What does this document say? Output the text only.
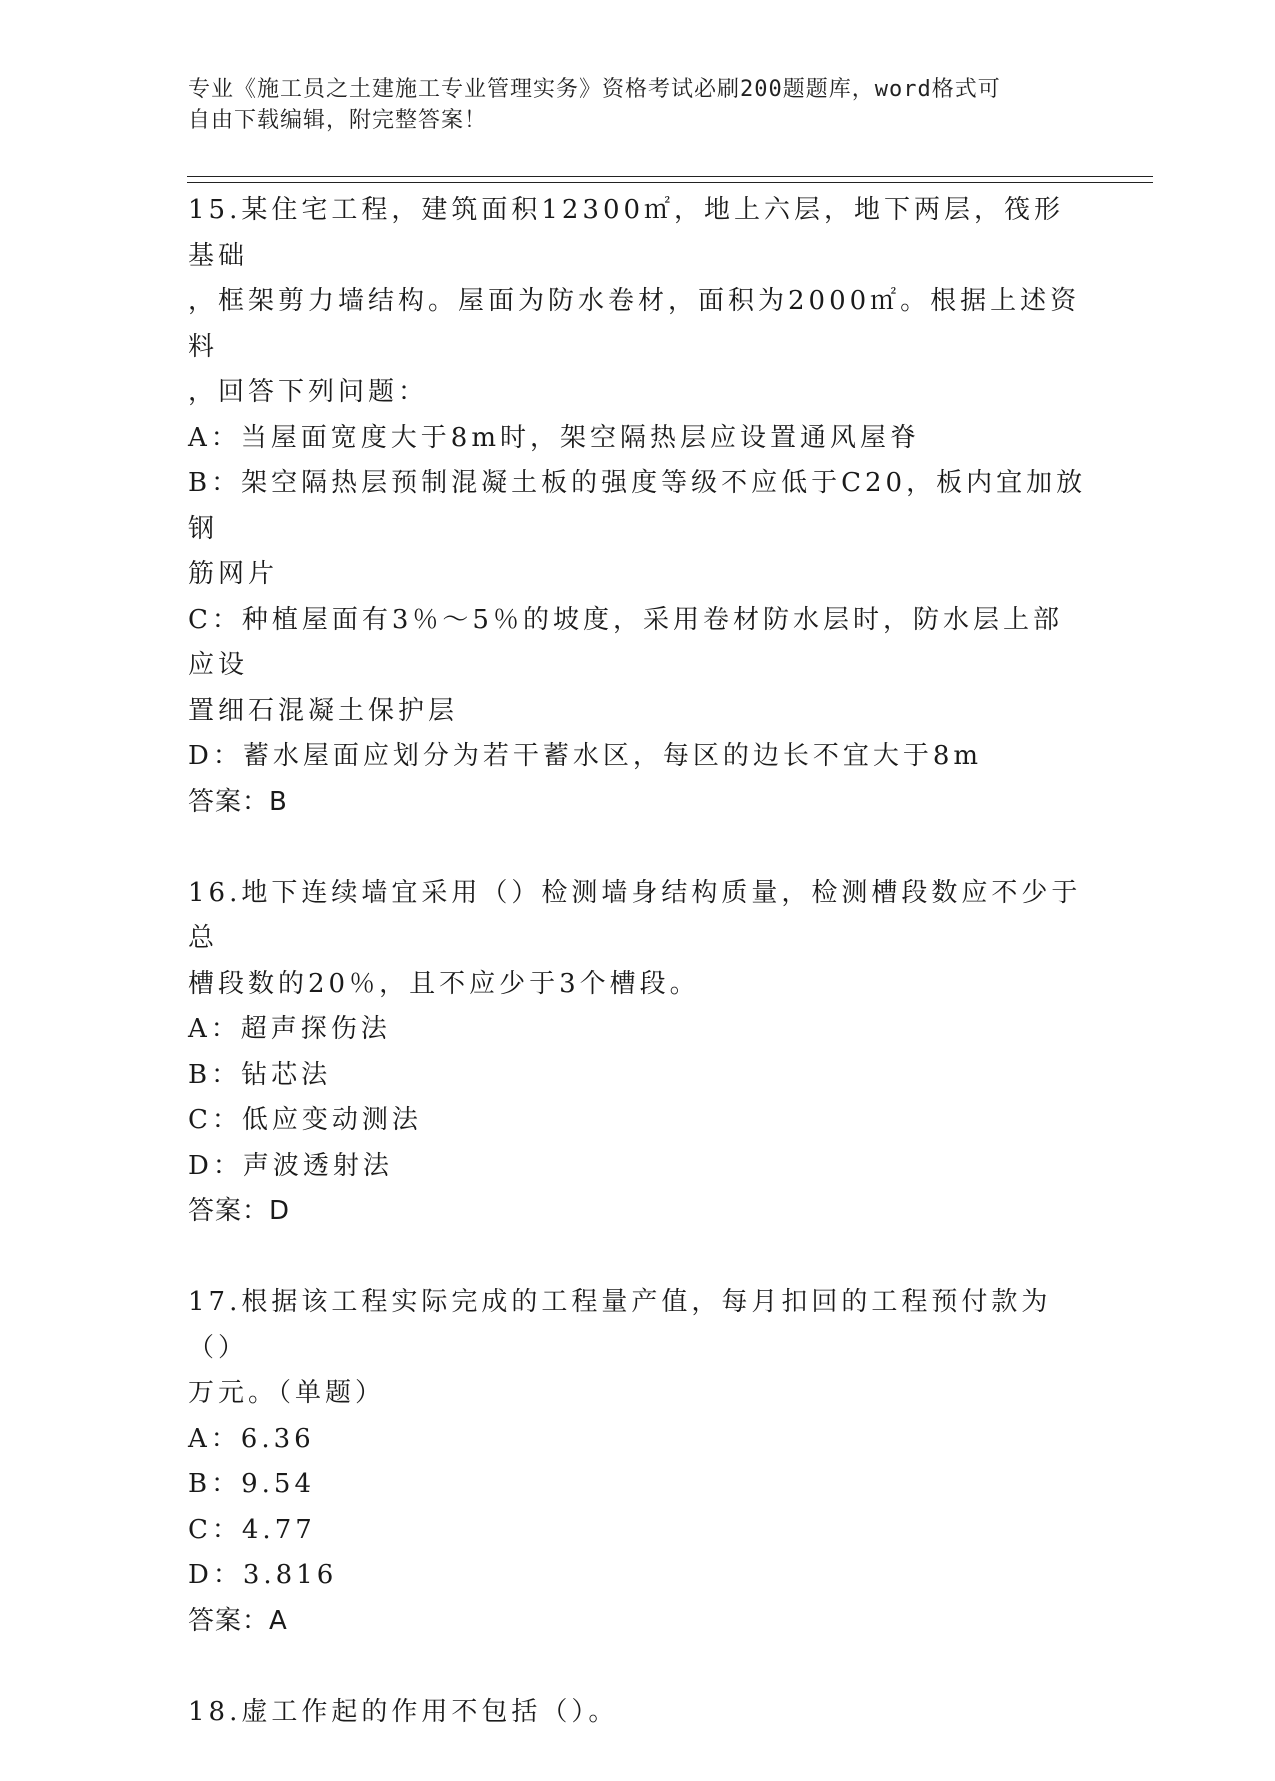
专业《施工员之土建施工专业管理实务》资格考试必刷200题题库，word格式可

自由下载编辑，附完整答案！

15.某住宅工程，建筑面积12300㎡，地上六层，地下两层，筏形基础

，框架剪力墙结构。屋面为防水卷材，面积为2000㎡。根据上述资料

，回答下列问题：

A：当屋面宽度大于8m时，架空隔热层应设置通风屋脊

B：架空隔热层预制混凝土板的强度等级不应低于C20，板内宜加放钢

筋网片

C：种植屋面有3％～5％的坡度，采用卷材防水层时，防水层上部应设

置细石混凝土保护层

D：蓄水屋面应划分为若干蓄水区，每区的边长不宜大于8m

答案：B

16.地下连续墙宜采用（）检测墙身结构质量，检测槽段数应不少于总

槽段数的20％，且不应少于3个槽段。

A：超声探伤法

B：钻芯法

C：低应变动测法

D：声波透射法

答案：D

17.根据该工程实际完成的工程量产值，每月扣回的工程预付款为（）

万元。（单题）

A：6.36

B：9.54

C：4.77

D：3.816

答案：A

18.虚工作起的作用不包括（）。
